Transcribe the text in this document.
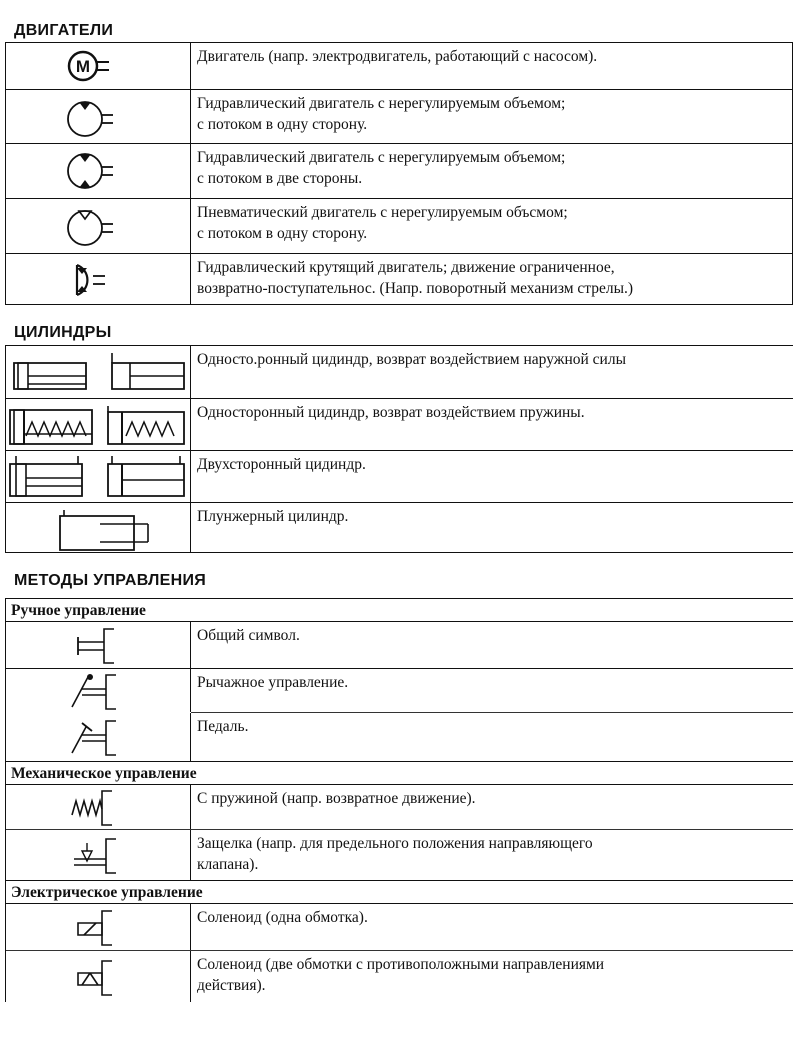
ДВИГАТЕЛИ
M
Двигатель (напр. электродвигатель, работающий с насосом).
Гидравлический двигатель с нерегулируемым объемом;
с потоком в одну сторону.
Гидравлический двигатель с нерегулируемым объемом;
с потоком в две стороны.
Пневматический двигатель с нерегулируемым объсмом;
с потоком в одну сторону.
Гидравлический крутящий двигатель; движение ограниченное,
возвратно-поступательнос. (Напр. поворотный механизм стрелы.)
ЦИЛИНДРЫ
Односто.ронный цидиндр, возврат воздействием наружной силы
Односторонный цидиндр, возврат воздействием пружины.
Двухсторонный цидиндр.
Плунжерный цилиндр.
МЕТОДЫ УПРАВЛЕНИЯ
Ручное управление
Общий символ.
Рычажное управление.
Педаль.
Механическое управление
С пружиной (напр. возвратное движение).
Защелка (напр. для предельного положения направляющего
клапана).
Электрическое управление
Соленоид (одна обмотка).
Соленоид (две обмотки с противоположными направлениями
действия).
